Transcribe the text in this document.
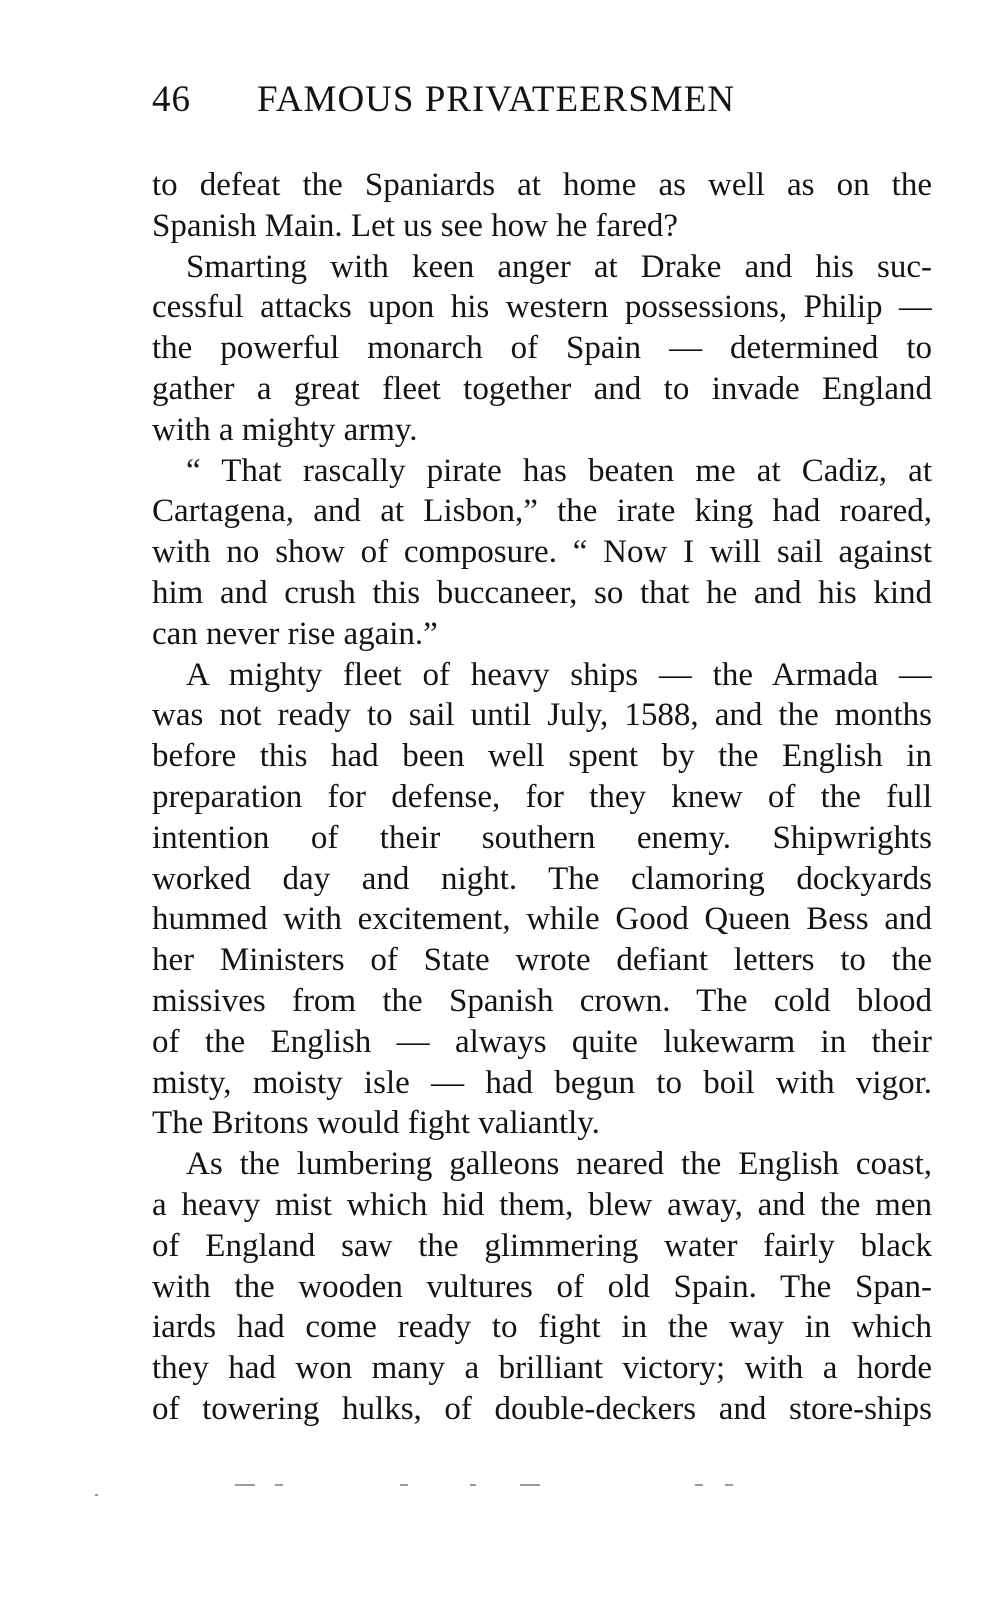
46 FAMOUS PRIVATEERSMEN
to defeat the Spaniards at home as well as on the
Spanish Main. Let us see how he fared?
Smarting with keen anger at Drake and his suc-
cessful attacks upon his western possessions, Philip —
the powerful monarch of Spain — determined to
gather a great fleet together and to invade England
with a mighty army.
“ That rascally pirate has beaten me at Cadiz, at
Cartagena, and at Lisbon,” the irate king had roared,
with no show of composure. “ Now I will sail against
him and crush this buccaneer, so that he and his kind
can never rise again.”
A mighty fleet of heavy ships — the Armada —
was not ready to sail until July, 1588, and the months
before this had been well spent by the English in
preparation for defense, for they knew of the full
intention of their southern enemy. Shipwrights
worked day and night. The clamoring dockyards
hummed with excitement, while Good Queen Bess and
her Ministers of State wrote defiant letters to the
missives from the Spanish crown. The cold blood
of the English — always quite lukewarm in their
misty, moisty isle — had begun to boil with vigor.
The Britons would fight valiantly.
As the lumbering galleons neared the English coast,
a heavy mist which hid them, blew away, and the men
of England saw the glimmering water fairly black
with the wooden vultures of old Spain. The Span-
iards had come ready to fight in the way in which
they had won many a brilliant victory; with a horde
of towering hulks, of double-deckers and store-ships
